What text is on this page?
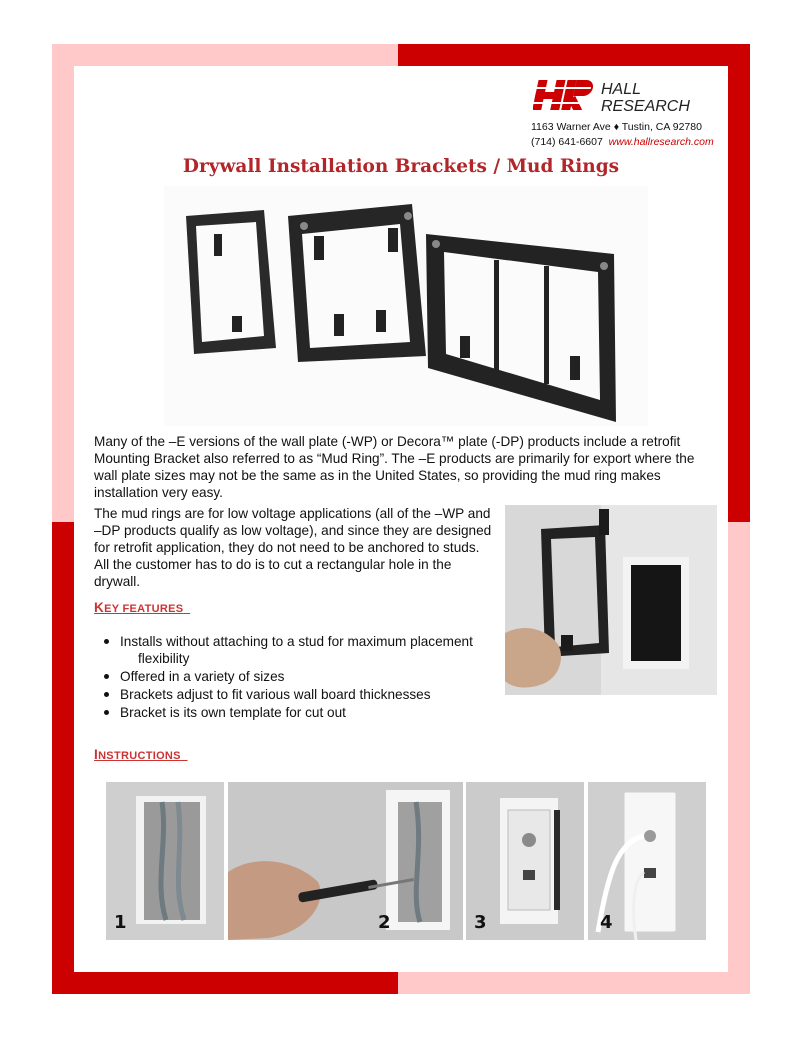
HALL
RESEARCH
1163 Warner Ave ♦ Tustin, CA 92780
(714) 641-6607 www.hallresearch.com
Drywall Installation Brackets / Mud Rings

Many of the –E versions of the wall plate (-WP) or Decora™ plate (-DP) products include a retrofit Mounting Bracket also referred to as “Mud Ring”. The –E products are primarily for export where the wall plate sizes may not be the same as in the United States, so providing the mud ring makes installation very easy.

The mud rings are for low voltage applications (all of the –WP and –DP products qualify as low voltage), and since they are designed for retrofit application, they do not need to be anchored to studs. All the customer has to do is to cut a rectangular hole in the drywall.

KEY FEATURES
Installs without attaching to a stud for maximum placement
flexibility
Offered in a variety of sizes
Brackets adjust to fit various wall board thicknesses
Bracket is its own template for cut out
INSTRUCTIONS
1	2	3	4
